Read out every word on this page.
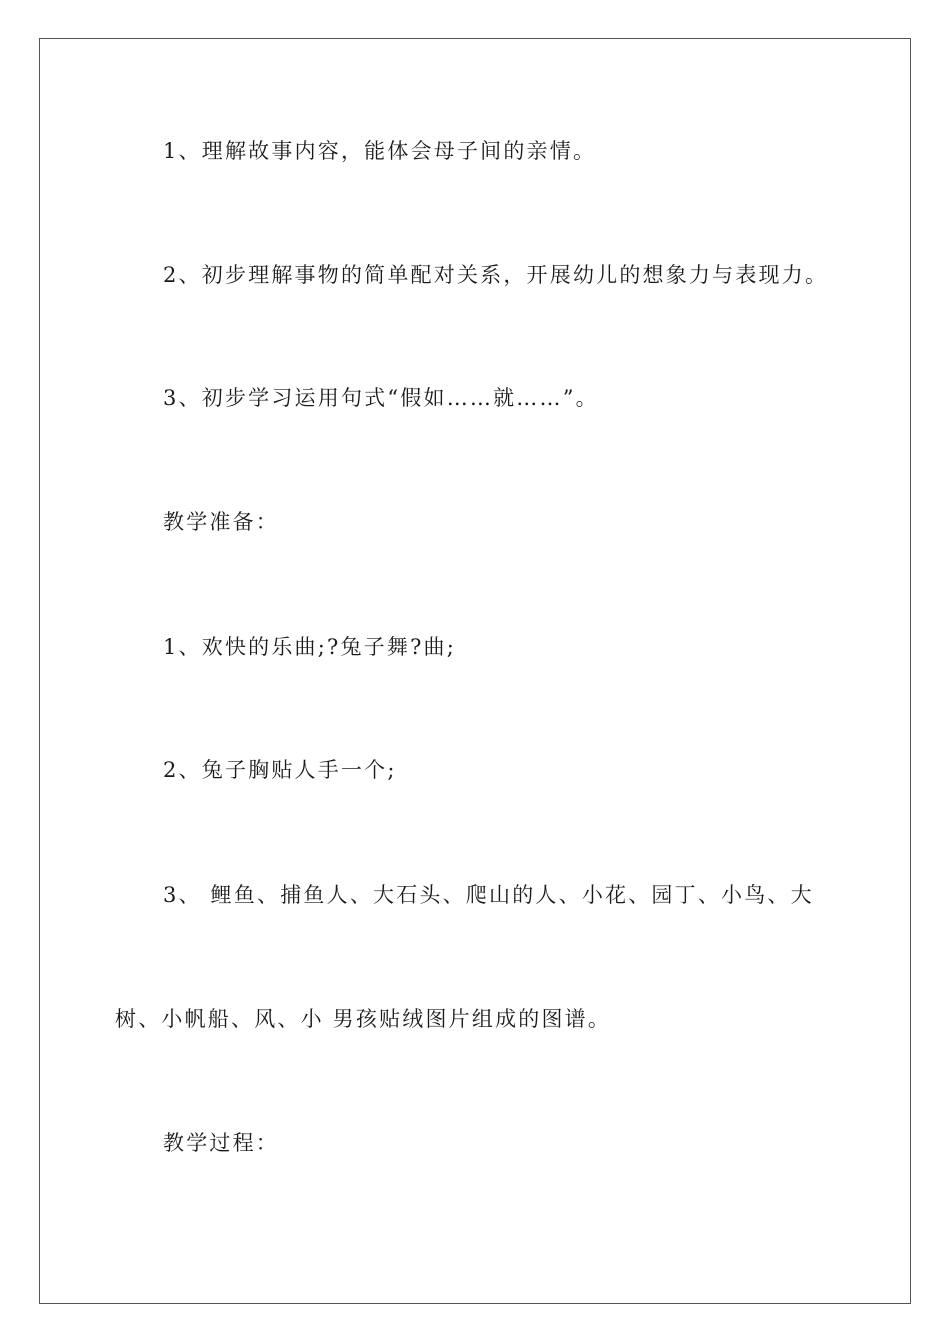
1、理解故事内容，能体会母子间的亲情。
2、初步理解事物的简单配对关系，开展幼儿的想象力与表现力。
3、初步学习运用句式“假如……就……”。
教学准备：
1、欢快的乐曲;?兔子舞?曲;
2、兔子胸贴人手一个;
3、 鲤鱼、捕鱼人、大石头、爬山的人、小花、园丁、小鸟、大
树、小帆船、风、小 男孩贴绒图片组成的图谱。
教学过程：
